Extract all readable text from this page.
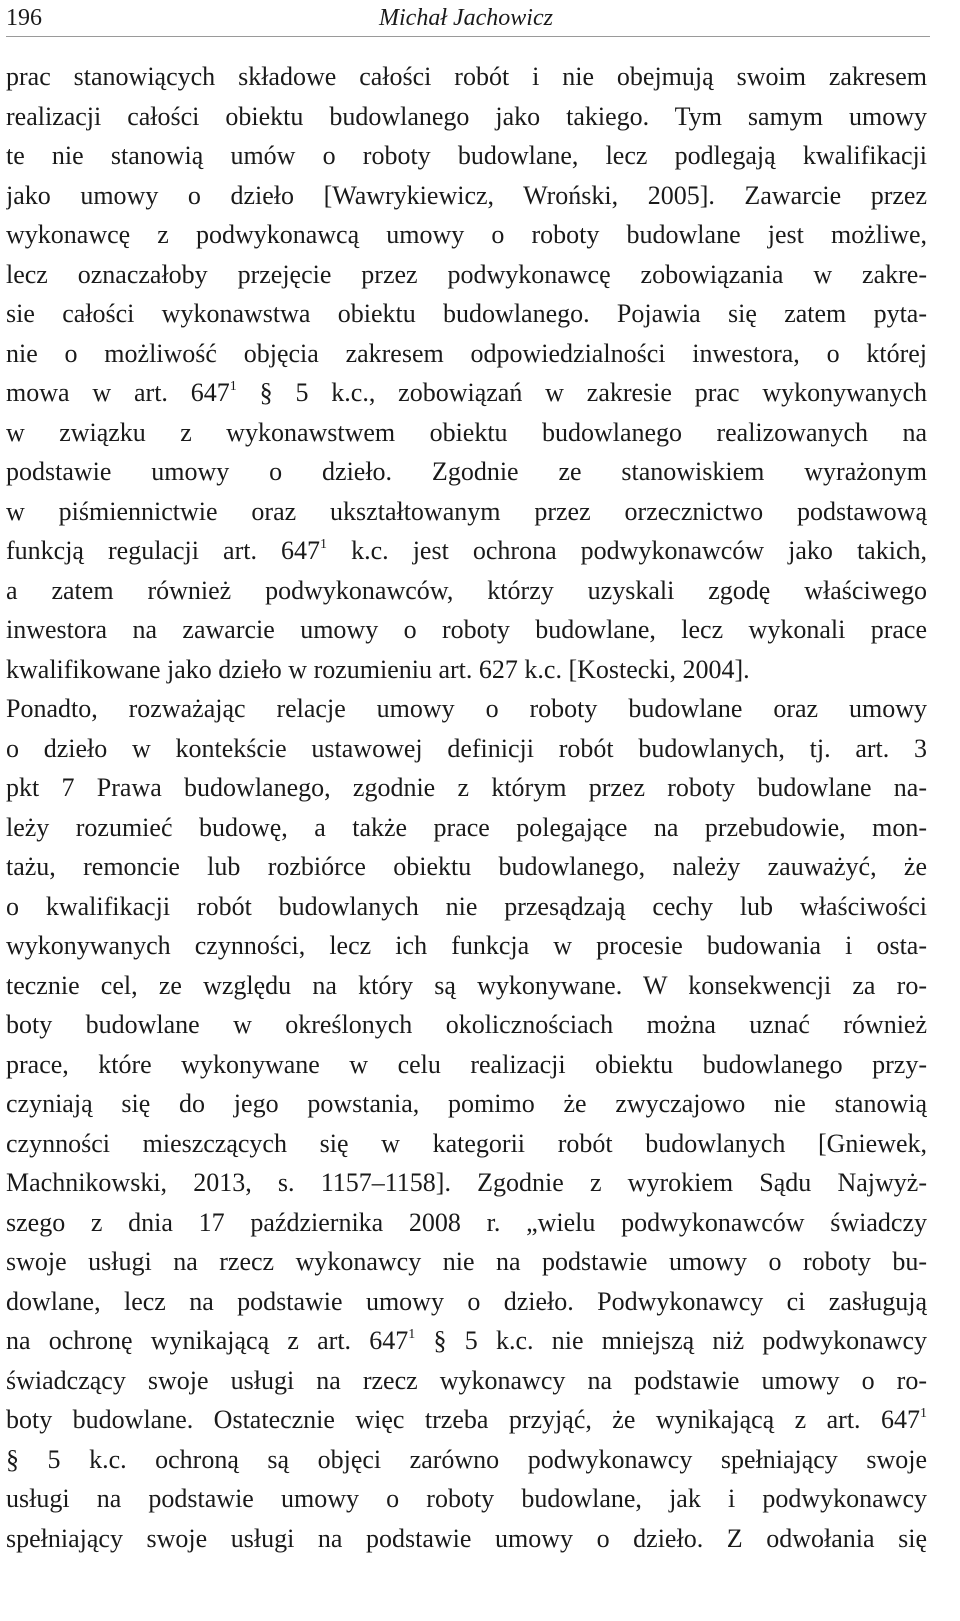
196	Michał Jachowicz
prac stanowiących składowe całości robót i nie obejmują swoim zakresem
realizacji całości obiektu budowlanego jako takiego. Tym samym umowy
te nie stanowią umów o roboty budowlane, lecz podlegają kwalifikacji
jako umowy o dzieło [Wawrykiewicz, Wroński, 2005]. Zawarcie przez
wykonawcę z podwykonawcą umowy o roboty budowlane jest możliwe,
lecz oznaczałoby przejęcie przez podwykonawcę zobowiązania w zakre-
sie całości wykonawstwa obiektu budowlanego. Pojawia się zatem pyta-
nie o możliwość objęcia zakresem odpowiedzialności inwestora, o której
mowa w art. $647^1$ § 5 k.c., zobowiązań w zakresie prac wykonywanych
w związku z wykonawstwem obiektu budowlanego realizowanych na
podstawie umowy o dzieło. Zgodnie ze stanowiskiem wyrażonym
w piśmiennictwie oraz ukształtowanym przez orzecznictwo podstawową
funkcją regulacji art. $647^1$ k.c. jest ochrona podwykonawców jako takich,
a zatem również podwykonawców, którzy uzyskali zgodę właściwego
inwestora na zawarcie umowy o roboty budowlane, lecz wykonali prace
kwalifikowane jako dzieło w rozumieniu art. 627 k.c. [Kostecki, 2004].
Ponadto, rozważając relacje umowy o roboty budowlane oraz umowy
o dzieło w kontekście ustawowej definicji robót budowlanych, tj. art. 3
pkt 7 Prawa budowlanego, zgodnie z którym przez roboty budowlane na-
leży rozumieć budowę, a także prace polegające na przebudowie, mon-
tażu, remoncie lub rozbiórce obiektu budowlanego, należy zauważyć, że
o kwalifikacji robót budowlanych nie przesądzają cechy lub właściwości
wykonywanych czynności, lecz ich funkcja w procesie budowania i osta-
tecznie cel, ze względu na który są wykonywane. W konsekwencji za ro-
boty budowlane w określonych okolicznościach można uznać również
prace, które wykonywane w celu realizacji obiektu budowlanego przy-
czyniają się do jego powstania, pomimo że zwyczajowo nie stanowią
czynności mieszczących się w kategorii robót budowlanych [Gniewek,
Machnikowski, 2013, s. 1157–1158]. Zgodnie z wyrokiem Sądu Najwyż-
szego z dnia 17 października 2008 r. „wielu podwykonawców świadczy
swoje usługi na rzecz wykonawcy nie na podstawie umowy o roboty bu-
dowlane, lecz na podstawie umowy o dzieło. Podwykonawcy ci zasługują
na ochronę wynikającą z art. $647^1$ § 5 k.c. nie mniejszą niż podwykonawcy
świadczący swoje usługi na rzecz wykonawcy na podstawie umowy o ro-
boty budowlane. Ostatecznie więc trzeba przyjąć, że wynikającą z art. $647^1$
§ 5 k.c. ochroną są objęci zarówno podwykonawcy spełniający swoje
usługi na podstawie umowy o roboty budowlane, jak i podwykonawcy
spełniający swoje usługi na podstawie umowy o dzieło. Z odwołania się
